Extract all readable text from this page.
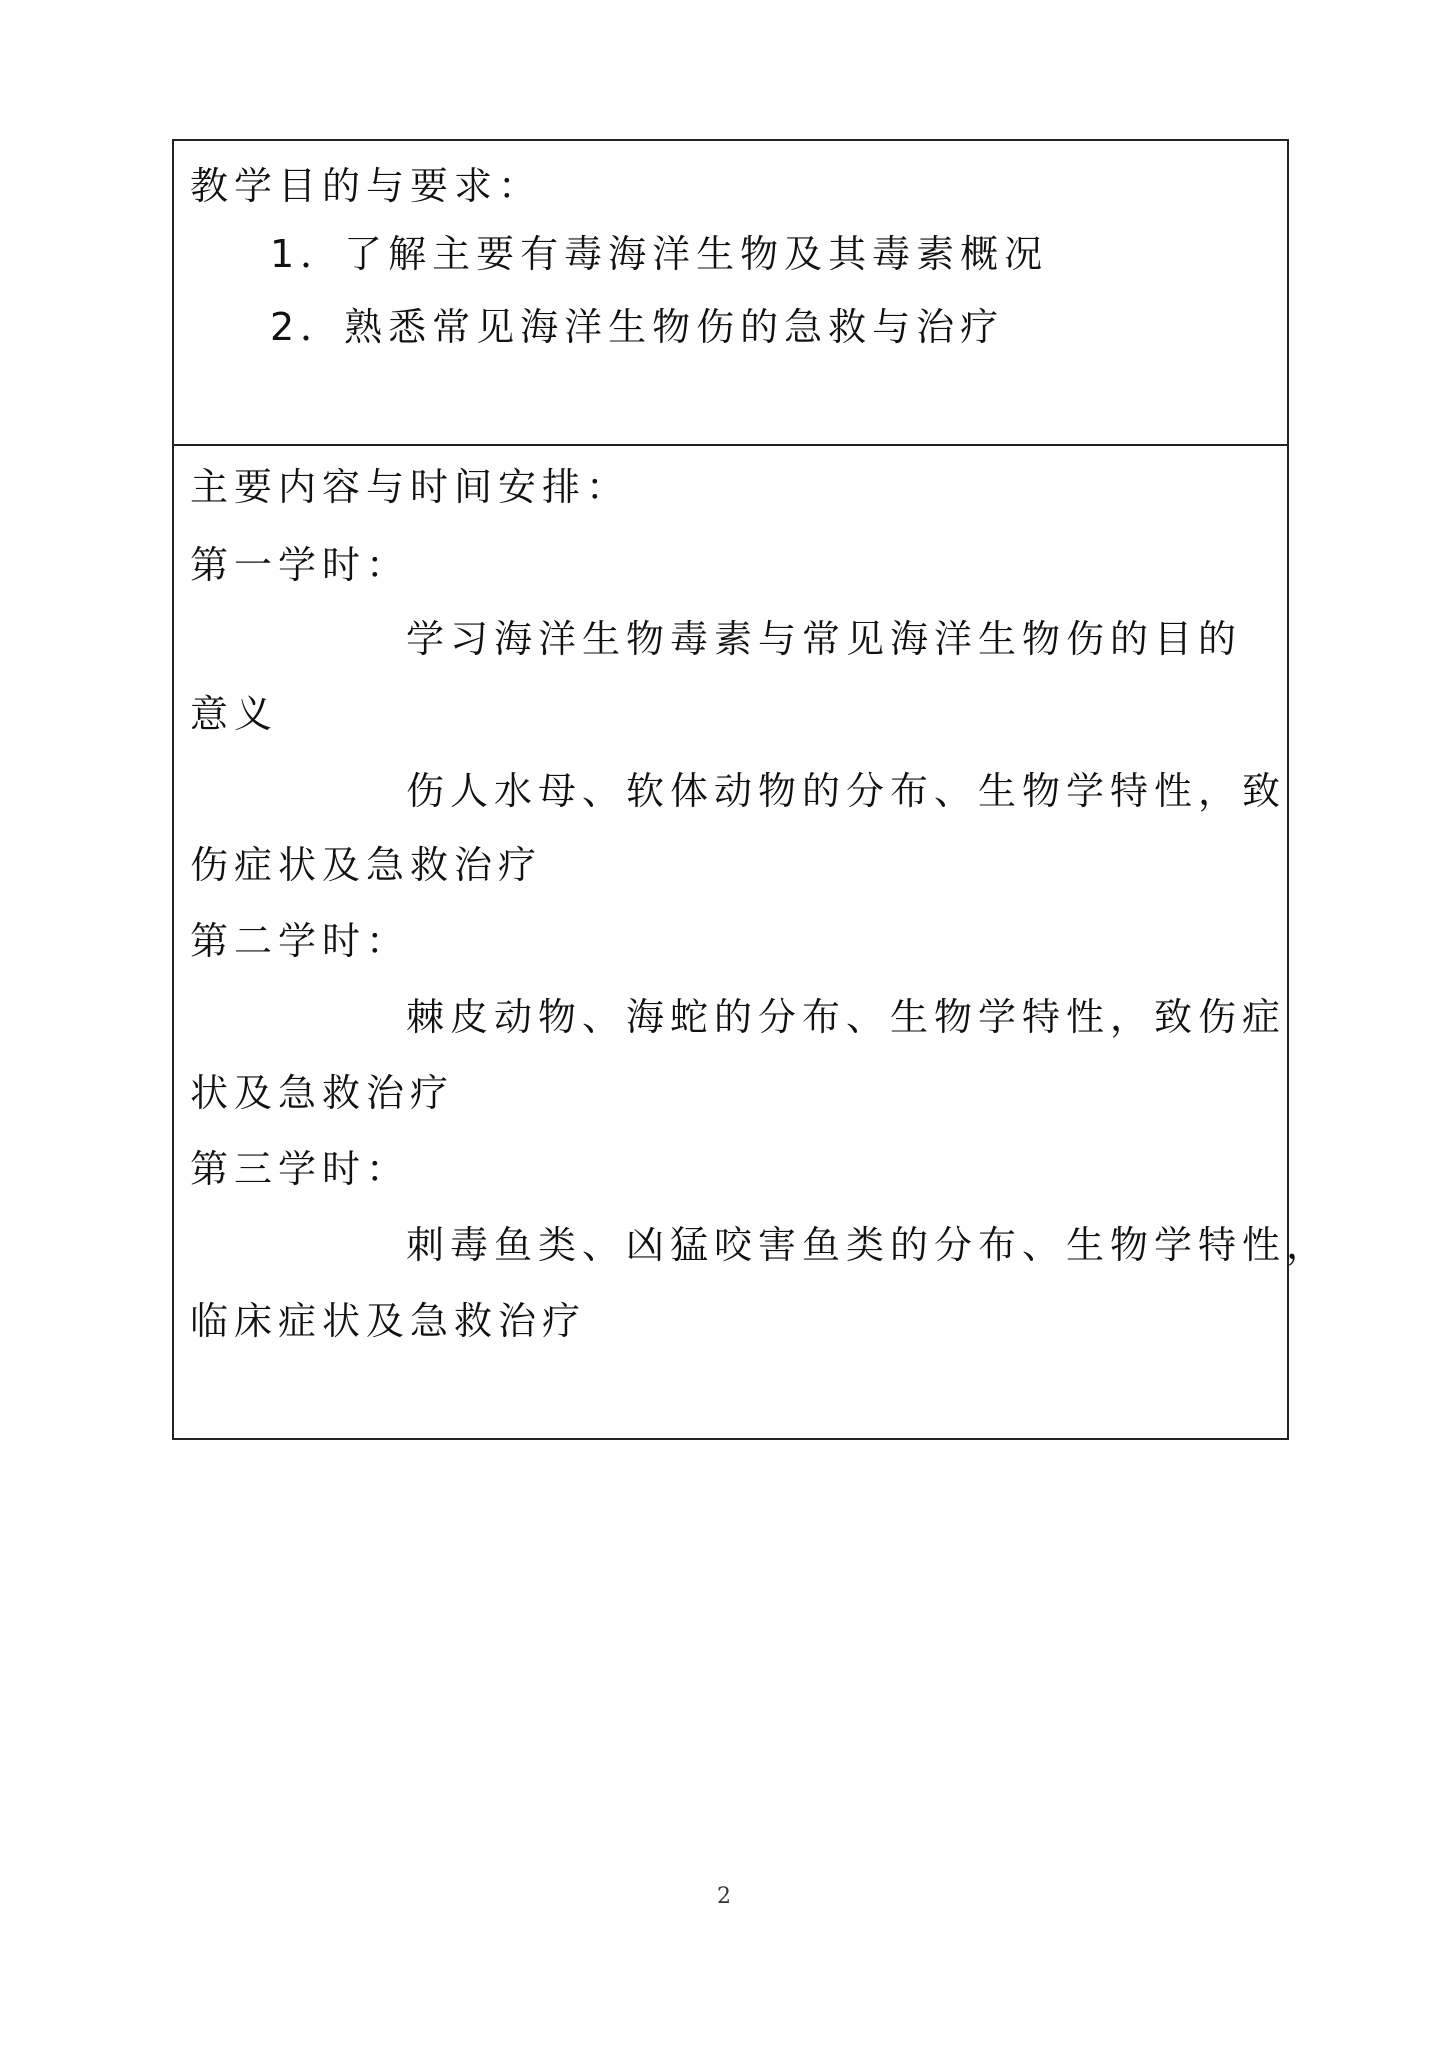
教学目的与要求：
1．了解主要有毒海洋生物及其毒素概况
2．熟悉常见海洋生物伤的急救与治疗
主要内容与时间安排：
第一学时：
学习海洋生物毒素与常见海洋生物伤的目的
意义
伤人水母、软体动物的分布、生物学特性，致
伤症状及急救治疗
第二学时：
棘皮动物、海蛇的分布、生物学特性，致伤症
状及急救治疗
第三学时：
刺毒鱼类、凶猛咬害鱼类的分布、生物学特性，
临床症状及急救治疗
2
